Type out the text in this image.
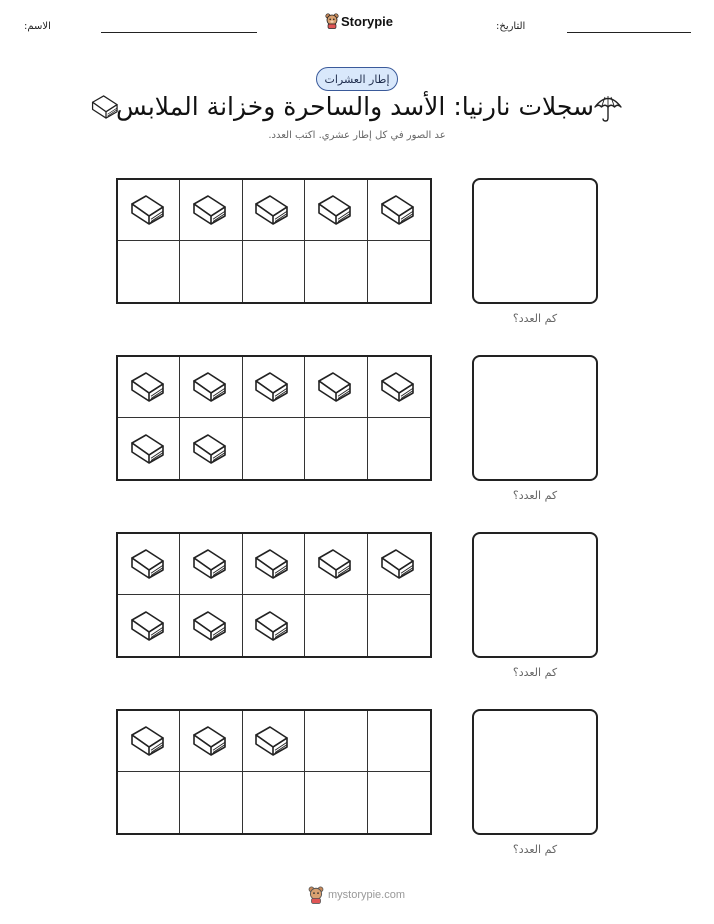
الاسم:	Storypie	التاريخ:
إطار العشرات
سجلات نارنيا: الأسد والساحرة وخزانة الملابس
عد الصور في كل إطار عشري. اكتب العدد.
كم العدد؟
كم العدد؟
كم العدد؟
كم العدد؟
mystorypie.com
